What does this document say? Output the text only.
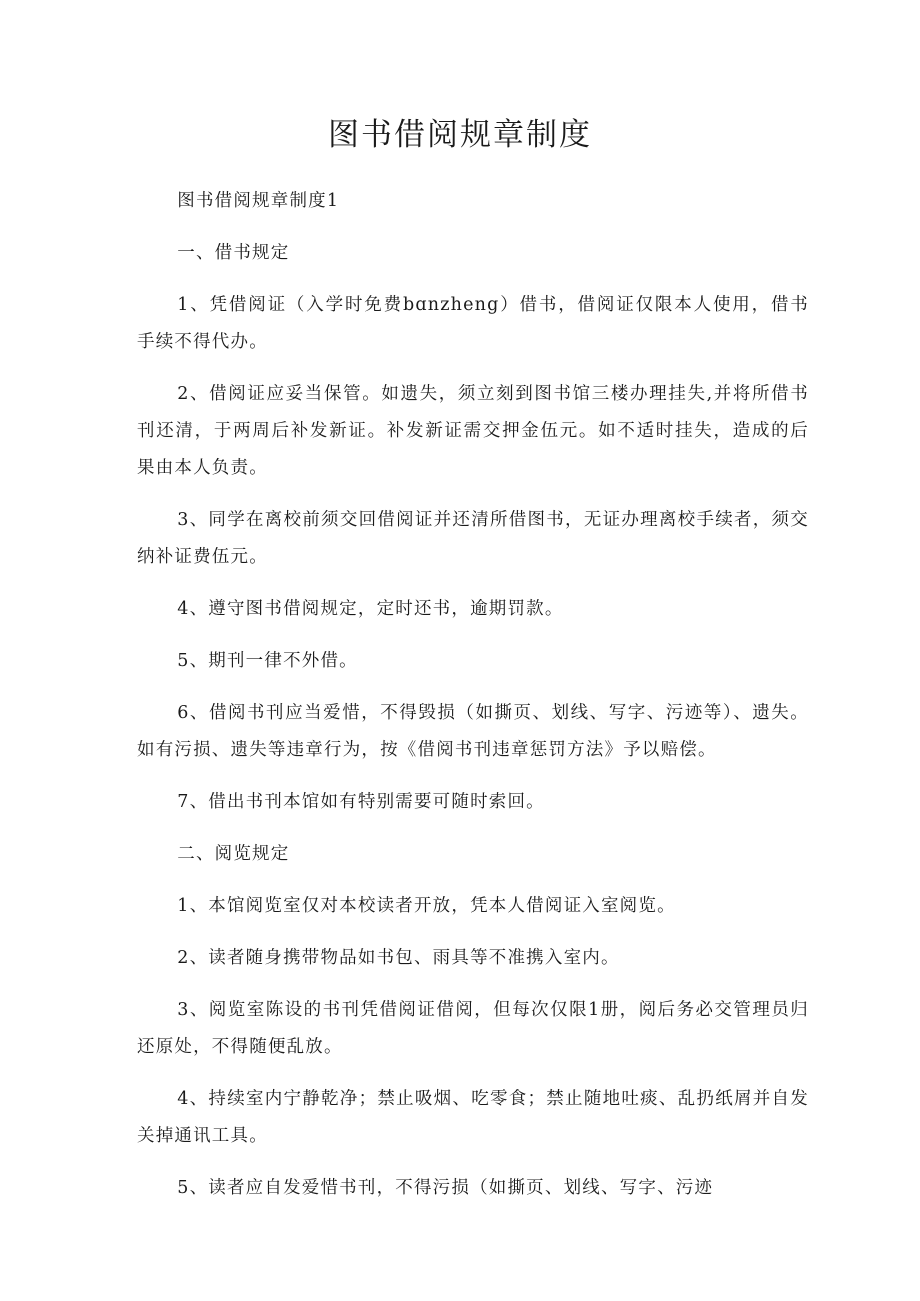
图书借阅规章制度

图书借阅规章制度1

一、借书规定

1、凭借阅证（入学时免费bɑnzheng）借书，借阅证仅限本人使用，借书手续不得代办。

2、借阅证应妥当保管。如遗失，须立刻到图书馆三楼办理挂失,并将所借书刊还清，于两周后补发新证。补发新证需交押金伍元。如不适时挂失，造成的后果由本人负责。

3、同学在离校前须交回借阅证并还清所借图书，无证办理离校手续者，须交纳补证费伍元。

4、遵守图书借阅规定，定时还书，逾期罚款。

5、期刊一律不外借。

6、借阅书刊应当爱惜，不得毁损（如撕页、划线、写字、污迹等）、遗失。如有污损、遗失等违章行为，按《借阅书刊违章惩罚方法》予以赔偿。

7、借出书刊本馆如有特别需要可随时索回。

二、阅览规定

1、本馆阅览室仅对本校读者开放，凭本人借阅证入室阅览。

2、读者随身携带物品如书包、雨具等不准携入室内。

3、阅览室陈设的书刊凭借阅证借阅，但每次仅限1册，阅后务必交管理员归还原处，不得随便乱放。

4、持续室内宁静乾净；禁止吸烟、吃零食；禁止随地吐痰、乱扔纸屑并自发关掉通讯工具。

5、读者应自发爱惜书刊，不得污损（如撕页、划线、写字、污迹
